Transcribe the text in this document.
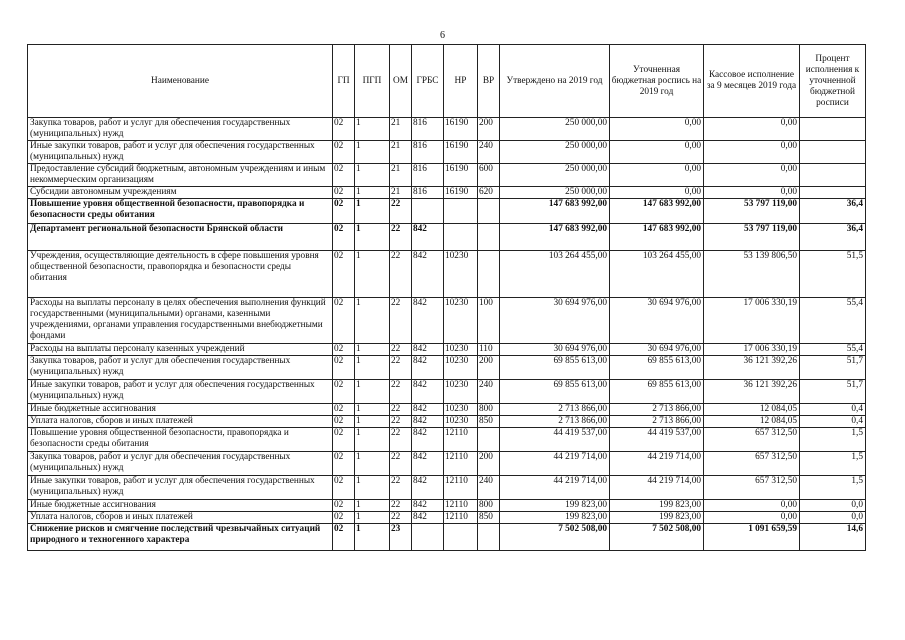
6
Наименование	ГП	ПГП	ОМ	ГРБС	НР	ВР	Утверждено на 2019 год	Уточненная бюджетная роспись на 2019 год	Кассовое исполнение за 9 месяцев 2019 года	Процент исполнения к уточненной бюджетной росписи
Закупка товаров, работ и услуг для обеспечения государственных (муниципальных) нужд	02	1	21	816	16190	200	250 000,00	0,00	0,00	
Иные закупки товаров, работ и услуг для обеспечения государственных (муниципальных) нужд	02	1	21	816	16190	240	250 000,00	0,00	0,00	
Предоставление субсидий бюджетным, автономным учреждениям и иным некоммерческим организациям	02	1	21	816	16190	600	250 000,00	0,00	0,00	
Субсидии автономным учреждениям	02	1	21	816	16190	620	250 000,00	0,00	0,00	
Повышение уровня общественной безопасности, правопорядка и безопасности среды обитания	02	1	22				147 683 992,00	147 683 992,00	53 797 119,00	36,4
Департамент региональной безопасности Брянской области	02	1	22	842			147 683 992,00	147 683 992,00	53 797 119,00	36,4
Учреждения, осуществляющие деятельность в сфере повышения уровня общественной безопасности, правопорядка и безопасности среды обитания	02	1	22	842	10230		103 264 455,00	103 264 455,00	53 139 806,50	51,5
Расходы на выплаты персоналу в целях обеспечения выполнения функций государственными (муниципальными) органами, казенными учреждениями, органами управления государственными внебюджетными фондами	02	1	22	842	10230	100	30 694 976,00	30 694 976,00	17 006 330,19	55,4
Расходы на выплаты персоналу казенных учреждений	02	1	22	842	10230	110	30 694 976,00	30 694 976,00	17 006 330,19	55,4
Закупка товаров, работ и услуг для обеспечения государственных (муниципальных) нужд	02	1	22	842	10230	200	69 855 613,00	69 855 613,00	36 121 392,26	51,7
Иные закупки товаров, работ и услуг для обеспечения государственных (муниципальных) нужд	02	1	22	842	10230	240	69 855 613,00	69 855 613,00	36 121 392,26	51,7
Иные бюджетные ассигнования	02	1	22	842	10230	800	2 713 866,00	2 713 866,00	12 084,05	0,4
Уплата налогов, сборов и иных платежей	02	1	22	842	10230	850	2 713 866,00	2 713 866,00	12 084,05	0,4
Повышение уровня общественной безопасности, правопорядка и безопасности среды обитания	02	1	22	842	12110		44 419 537,00	44 419 537,00	657 312,50	1,5
Закупка товаров, работ и услуг для обеспечения государственных (муниципальных) нужд	02	1	22	842	12110	200	44 219 714,00	44 219 714,00	657 312,50	1,5
Иные закупки товаров, работ и услуг для обеспечения государственных (муниципальных) нужд	02	1	22	842	12110	240	44 219 714,00	44 219 714,00	657 312,50	1,5
Иные бюджетные ассигнования	02	1	22	842	12110	800	199 823,00	199 823,00	0,00	0,0
Уплата налогов, сборов и иных платежей	02	1	22	842	12110	850	199 823,00	199 823,00	0,00	0,0
Снижение рисков и смягчение последствий чрезвычайных ситуаций природного и техногенного характера	02	1	23				7 502 508,00	7 502 508,00	1 091 659,59	14,6
